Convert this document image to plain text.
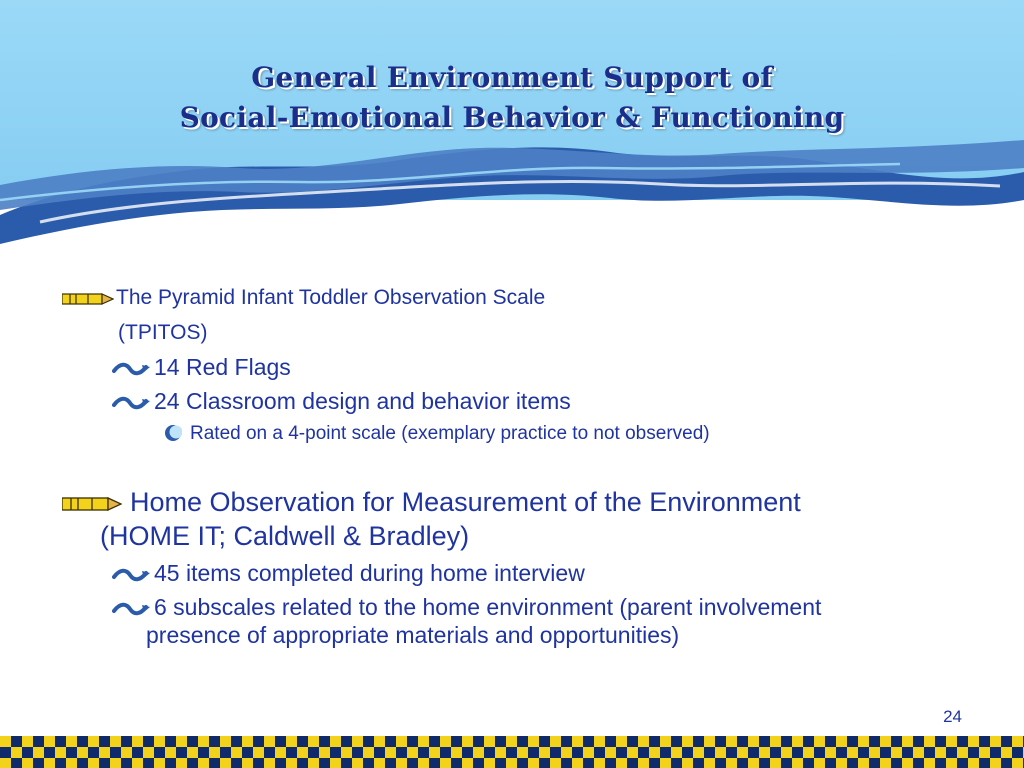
General Environment Support of
Social-Emotional Behavior & Functioning
The Pyramid Infant Toddler Observation Scale
(TPITOS)
14 Red Flags
24 Classroom design and behavior items
Rated on a 4-point scale (exemplary practice to not observed)
Home Observation for Measurement of the Environment
(HOME IT; Caldwell & Bradley)
45 items completed during home interview
6 subscales related to the home environment (parent involvement
presence of appropriate materials and opportunities)
24
